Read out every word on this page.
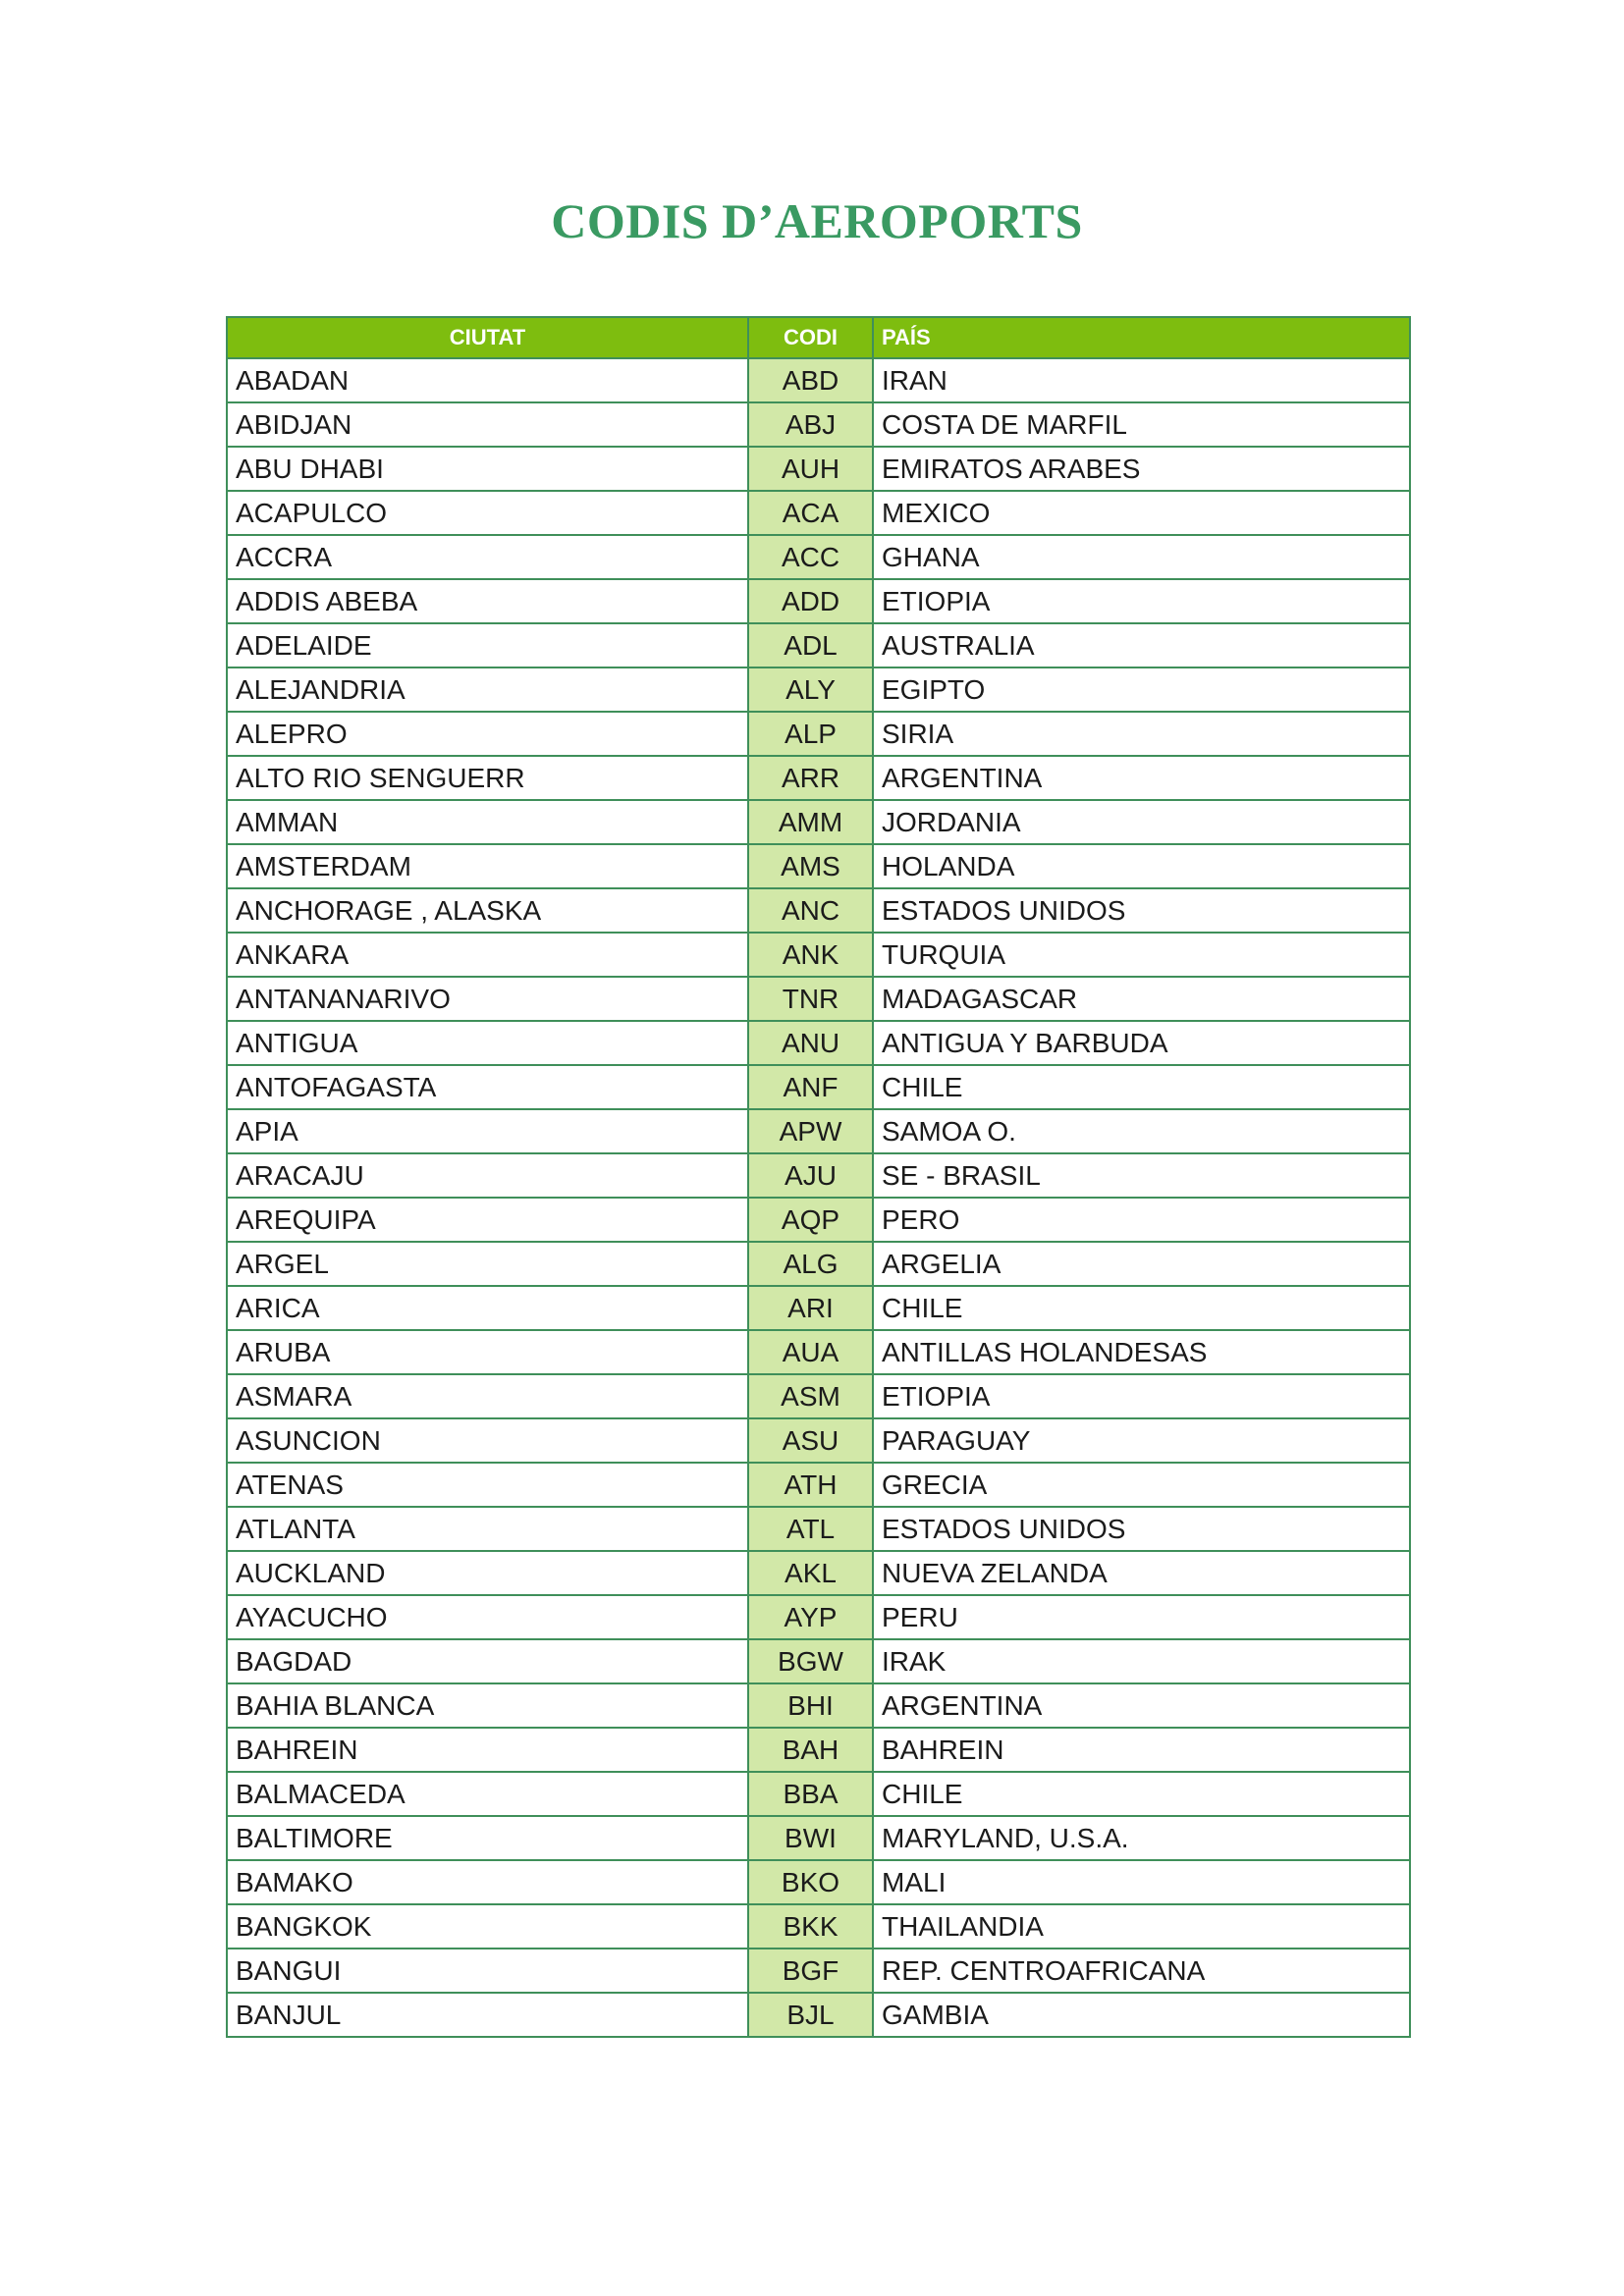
CODIS D’AEROPORTS
CIUTAT	CODI	PAÍS
ABADAN	ABD	IRAN
ABIDJAN	ABJ	COSTA DE MARFIL
ABU DHABI	AUH	EMIRATOS ARABES
ACAPULCO	ACA	MEXICO
ACCRA	ACC	GHANA
ADDIS ABEBA	ADD	ETIOPIA
ADELAIDE	ADL	AUSTRALIA
ALEJANDRIA	ALY	EGIPTO
ALEPRO	ALP	SIRIA
ALTO RIO SENGUERR	ARR	ARGENTINA
AMMAN	AMM	JORDANIA
AMSTERDAM	AMS	HOLANDA
ANCHORAGE , ALASKA	ANC	ESTADOS UNIDOS
ANKARA	ANK	TURQUIA
ANTANANARIVO	TNR	MADAGASCAR
ANTIGUA	ANU	ANTIGUA Y BARBUDA
ANTOFAGASTA	ANF	CHILE
APIA	APW	SAMOA O.
ARACAJU	AJU	SE - BRASIL
AREQUIPA	AQP	PERO
ARGEL	ALG	ARGELIA
ARICA	ARI	CHILE
ARUBA	AUA	ANTILLAS HOLANDESAS
ASMARA	ASM	ETIOPIA
ASUNCION	ASU	PARAGUAY
ATENAS	ATH	GRECIA
ATLANTA	ATL	ESTADOS UNIDOS
AUCKLAND	AKL	NUEVA ZELANDA
AYACUCHO	AYP	PERU
BAGDAD	BGW	IRAK
BAHIA BLANCA	BHI	ARGENTINA
BAHREIN	BAH	BAHREIN
BALMACEDA	BBA	CHILE
BALTIMORE	BWI	MARYLAND, U.S.A.
BAMAKO	BKO	MALI
BANGKOK	BKK	THAILANDIA
BANGUI	BGF	REP. CENTROAFRICANA
BANJUL	BJL	GAMBIA
